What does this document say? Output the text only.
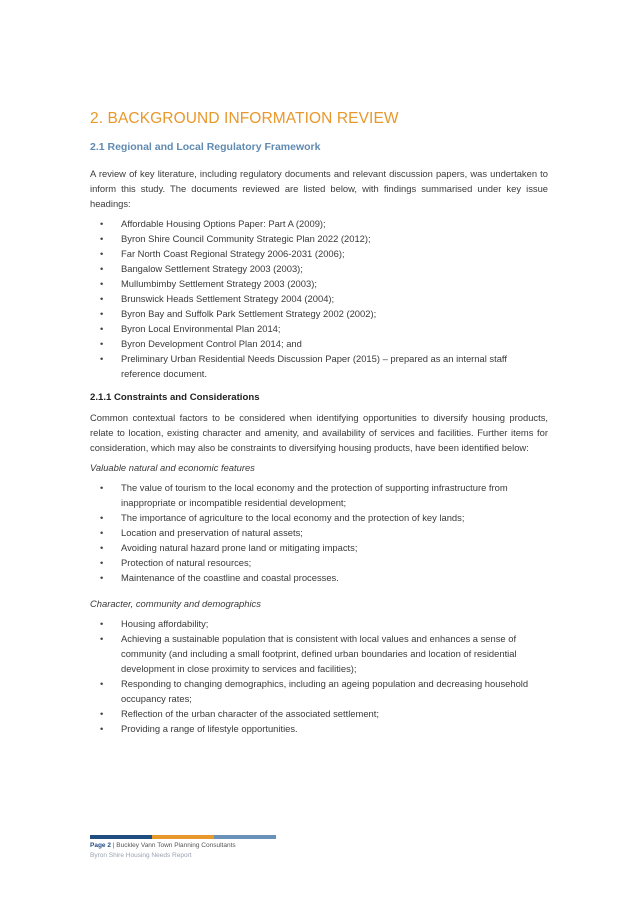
2. BACKGROUND INFORMATION REVIEW
2.1 Regional and Local Regulatory Framework

A review of key literature, including regulatory documents and relevant discussion papers, was undertaken to inform this study. The documents reviewed are listed below, with findings summarised under key issue headings:

• Affordable Housing Options Paper: Part A (2009);
• Byron Shire Council Community Strategic Plan 2022 (2012);
• Far North Coast Regional Strategy 2006-2031 (2006);
• Bangalow Settlement Strategy 2003 (2003);
• Mullumbimby Settlement Strategy 2003 (2003);
• Brunswick Heads Settlement Strategy 2004 (2004);
• Byron Bay and Suffolk Park Settlement Strategy 2002 (2002);
• Byron Local Environmental Plan 2014;
• Byron Development Control Plan 2014; and
• Preliminary Urban Residential Needs Discussion Paper (2015) – prepared as an internal staff reference document.

2.1.1 Constraints and Considerations

Common contextual factors to be considered when identifying opportunities to diversify housing products, relate to location, existing character and amenity, and availability of services and facilities. Further items for consideration, which may also be constraints to diversifying housing products, have been identified below:

Valuable natural and economic features

• The value of tourism to the local economy and the protection of supporting infrastructure from inappropriate or incompatible residential development;
• The importance of agriculture to the local economy and the protection of key lands;
• Location and preservation of natural assets;
• Avoiding natural hazard prone land or mitigating impacts;
• Protection of natural resources;
• Maintenance of the coastline and coastal processes.

Character, community and demographics

• Housing affordability;
• Achieving a sustainable population that is consistent with local values and enhances a sense of community (and including a small footprint, defined urban boundaries and location of residential development in close proximity to services and facilities);
• Responding to changing demographics, including an ageing population and decreasing household occupancy rates;
• Reflection of the urban character of the associated settlement;
• Providing a range of lifestyle opportunities.
Page 2 | Buckley Vann Town Planning Consultants
Byron Shire Housing Needs Report
